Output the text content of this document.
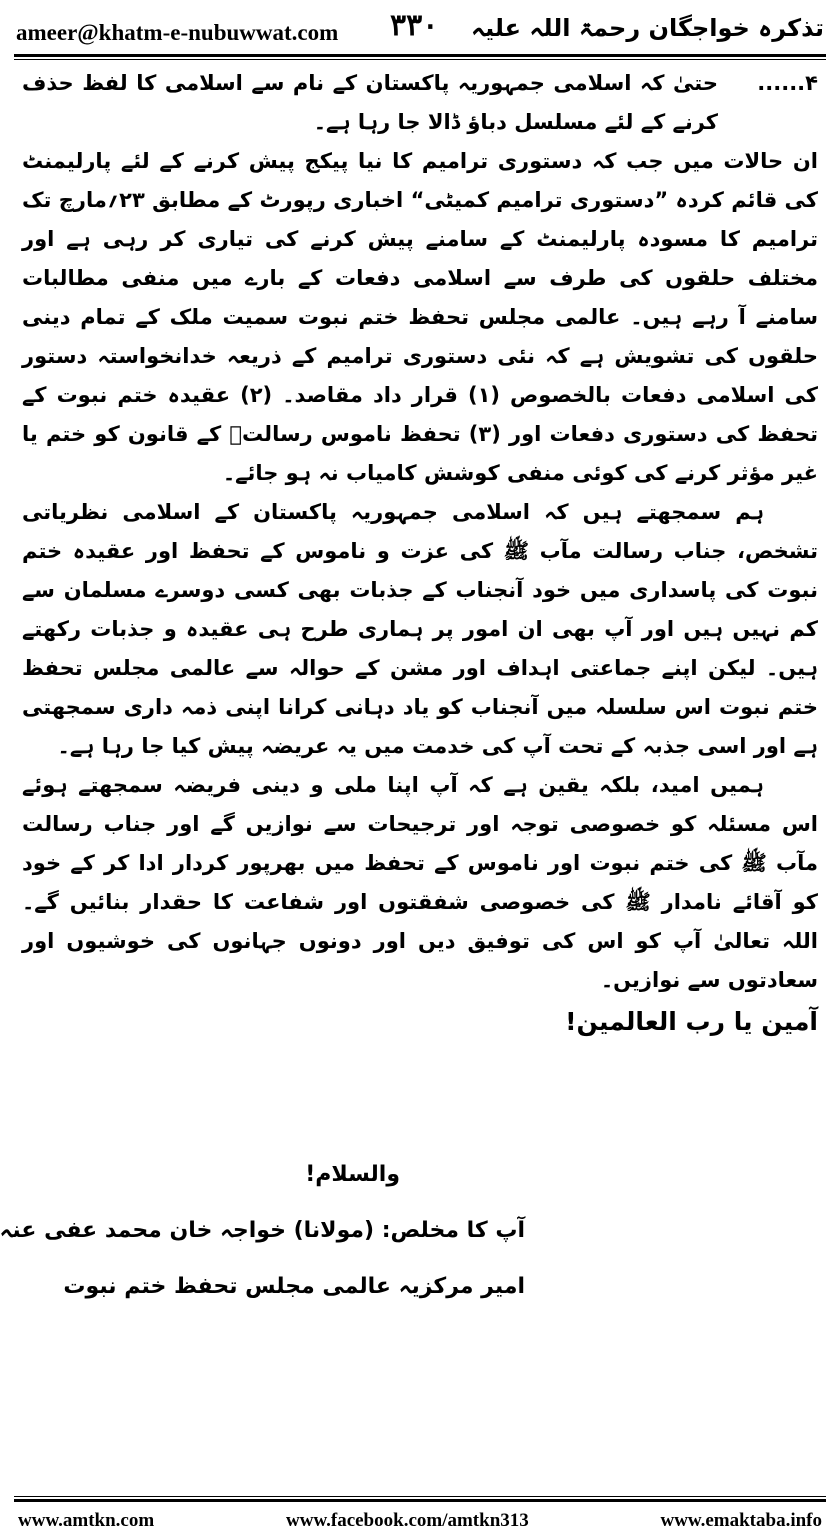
ameer@khatm-e-nubuwwat.com ۳۳۰ تذکرہ خواجگان رحمۃ اللہ علیہ
۴......
حتیٰ کہ اسلامی جمہوریہ پاکستان کے نام سے اسلامی کا لفظ حذف کرنے کے لئے مسلسل دباؤ ڈالا جا رہا ہے۔

ان حالات میں جب کہ دستوری ترامیم کا نیا پیکج پیش کرنے کے لئے پارلیمنٹ کی قائم کردہ ”دستوری ترامیم کمیٹی“ اخباری رپورٹ کے مطابق ۲۳؍مارچ تک ترامیم کا مسودہ پارلیمنٹ کے سامنے پیش کرنے کی تیاری کر رہی ہے اور مختلف حلقوں کی طرف سے اسلامی دفعات کے بارے میں منفی مطالبات سامنے آ رہے ہیں۔ عالمی مجلس تحفظ ختم نبوت سمیت ملک کے تمام دینی حلقوں کی تشویش ہے کہ نئی دستوری ترامیم کے ذریعہ خدانخواستہ دستور کی اسلامی دفعات بالخصوص (۱) قرار داد مقاصد۔ (۲) عقیدہ ختم نبوت کے تحفظ کی دستوری دفعات اور (۳) تحفظ ناموس رسالتؐ کے قانون کو ختم یا غیر مؤثر کرنے کی کوئی منفی کوشش کامیاب نہ ہو جائے۔

ہم سمجھتے ہیں کہ اسلامی جمہوریہ پاکستان کے اسلامی نظریاتی تشخص، جناب رسالت مآب ﷺ کی عزت و ناموس کے تحفظ اور عقیدہ ختم نبوت کی پاسداری میں خود آنجناب کے جذبات بھی کسی دوسرے مسلمان سے کم نہیں ہیں اور آپ بھی ان امور پر ہماری طرح ہی عقیدہ و جذبات رکھتے ہیں۔ لیکن اپنے جماعتی اہداف اور مشن کے حوالہ سے عالمی مجلس تحفظ ختم نبوت اس سلسلہ میں آنجناب کو یاد دہانی کرانا اپنی ذمہ داری سمجھتی ہے اور اسی جذبہ کے تحت آپ کی خدمت میں یہ عریضہ پیش کیا جا رہا ہے۔

ہمیں امید، بلکہ یقین ہے کہ آپ اپنا ملی و دینی فریضہ سمجھتے ہوئے اس مسئلہ کو خصوصی توجہ اور ترجیحات سے نوازیں گے اور جناب رسالت مآب ﷺ کی ختم نبوت اور ناموس کے تحفظ میں بھرپور کردار ادا کر کے خود کو آقائے نامدار ﷺ کی خصوصی شفقتوں اور شفاعت کا حقدار بنائیں گے۔ اللہ تعالیٰ آپ کو اس کی توفیق دیں اور دونوں جہانوں کی خوشیوں اور سعادتوں سے نوازیں۔

آمین یا رب العالمین!

والسلام!
آپ کا مخلص: (مولانا) خواجہ خان محمد عفی عنہ
امیر مرکزیہ عالمی مجلس تحفظ ختم نبوت
www.amtkn.com	www.facebook.com/amtkn313	www.emaktaba.info
